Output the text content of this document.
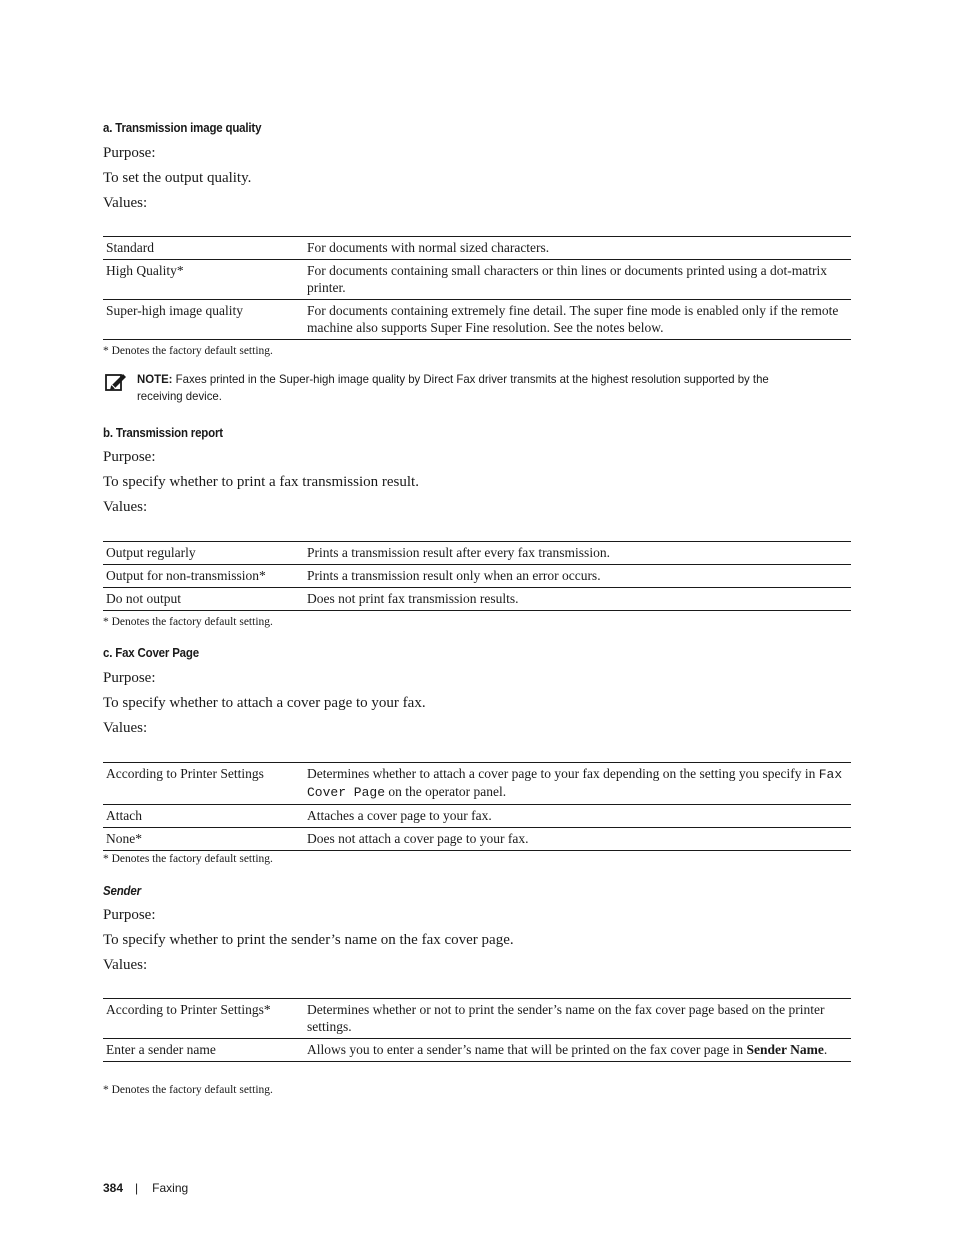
a. Transmission image quality
Purpose:
To set the output quality.
Values:
Standard	For documents with normal sized characters.
High Quality*	For documents containing small characters or thin lines or documents printed using a dot-matrix printer.
Super-high image quality	For documents containing extremely fine detail. The super fine mode is enabled only if the remote machine also supports Super Fine resolution. See the notes below.
* Denotes the factory default setting.
NOTE: Faxes printed in the Super-high image quality by Direct Fax driver transmits at the highest resolution supported by the receiving device.
b. Transmission report
Purpose:
To specify whether to print a fax transmission result.
Values:
Output regularly	Prints a transmission result after every fax transmission.
Output for non-transmission*	Prints a transmission result only when an error occurs.
Do not output	Does not print fax transmission results.
* Denotes the factory default setting.
c. Fax Cover Page
Purpose:
To specify whether to attach a cover page to your fax.
Values:
According to Printer Settings	Determines whether to attach a cover page to your fax depending on the setting you specify in Fax Cover Page on the operator panel.
Attach	Attaches a cover page to your fax.
None*	Does not attach a cover page to your fax.
* Denotes the factory default setting.
Sender
Purpose:
To specify whether to print the sender’s name on the fax cover page.
Values:
According to Printer Settings*	Determines whether or not to print the sender’s name on the fax cover page based on the printer settings.
Enter a sender name	Allows you to enter a sender’s name that will be printed on the fax cover page in Sender Name.
* Denotes the factory default setting.
384 | Faxing
